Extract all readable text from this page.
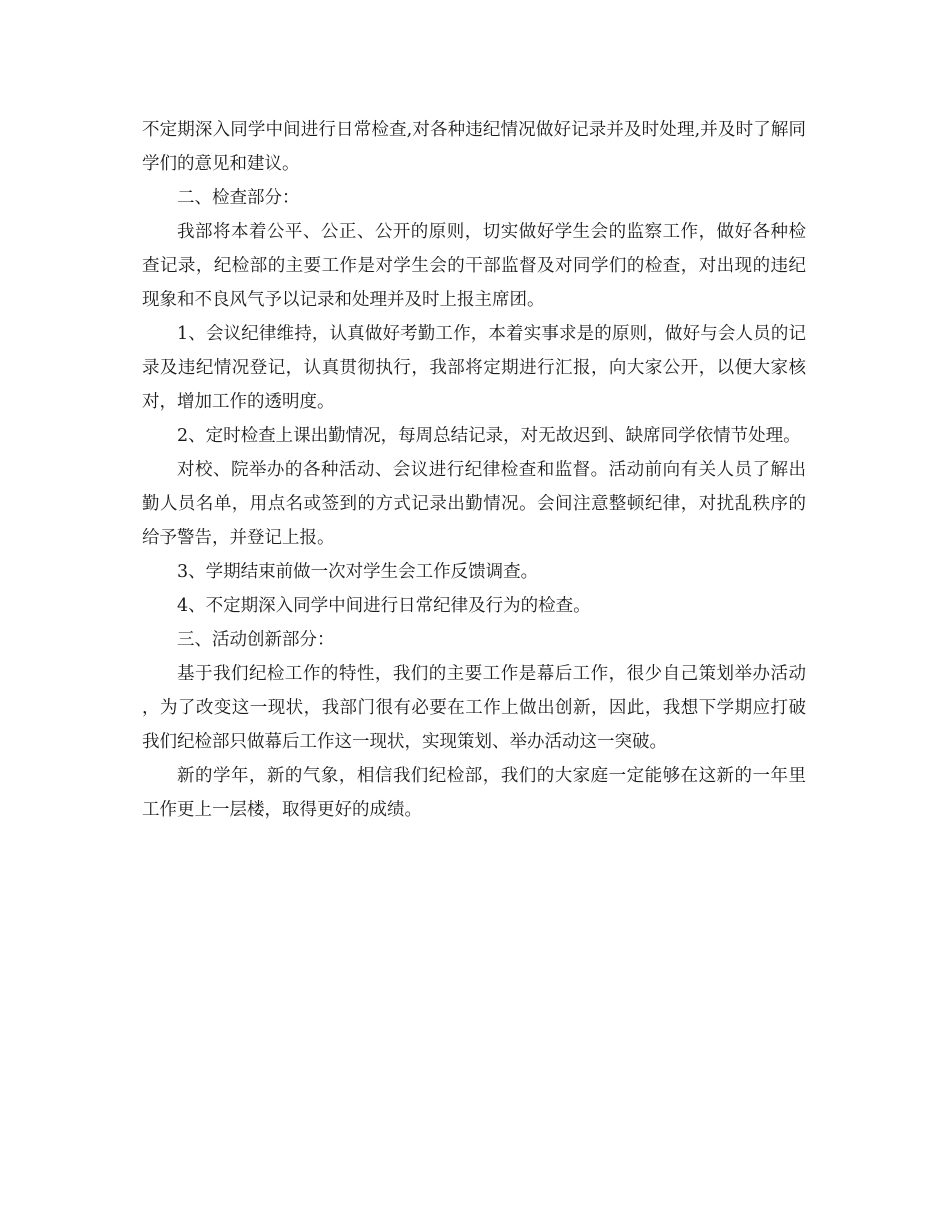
不定期深入同学中间进行日常检查,对各种违纪情况做好记录并及时处理,并及时了解同学们的意见和建议。

二、检查部分：

我部将本着公平、公正、公开的原则，切实做好学生会的监察工作，做好各种检查记录，纪检部的主要工作是对学生会的干部监督及对同学们的检查，对出现的违纪现象和不良风气予以记录和处理并及时上报主席团。

1、会议纪律维持，认真做好考勤工作，本着实事求是的原则，做好与会人员的记录及违纪情况登记，认真贯彻执行，我部将定期进行汇报，向大家公开，以便大家核对，增加工作的透明度。

2、定时检查上课出勤情况，每周总结记录，对无故迟到、缺席同学依情节处理。

对校、院举办的各种活动、会议进行纪律检查和监督。活动前向有关人员了解出勤人员名单，用点名或签到的方式记录出勤情况。会间注意整顿纪律，对扰乱秩序的给予警告，并登记上报。

3、学期结束前做一次对学生会工作反馈调查。

4、不定期深入同学中间进行日常纪律及行为的检查。

三、活动创新部分：

基于我们纪检工作的特性，我们的主要工作是幕后工作，很少自己策划举办活动，为了改变这一现状，我部门很有必要在工作上做出创新，因此，我想下学期应打破我们纪检部只做幕后工作这一现状，实现策划、举办活动这一突破。

新的学年，新的气象，相信我们纪检部，我们的大家庭一定能够在这新的一年里工作更上一层楼，取得更好的成绩。
